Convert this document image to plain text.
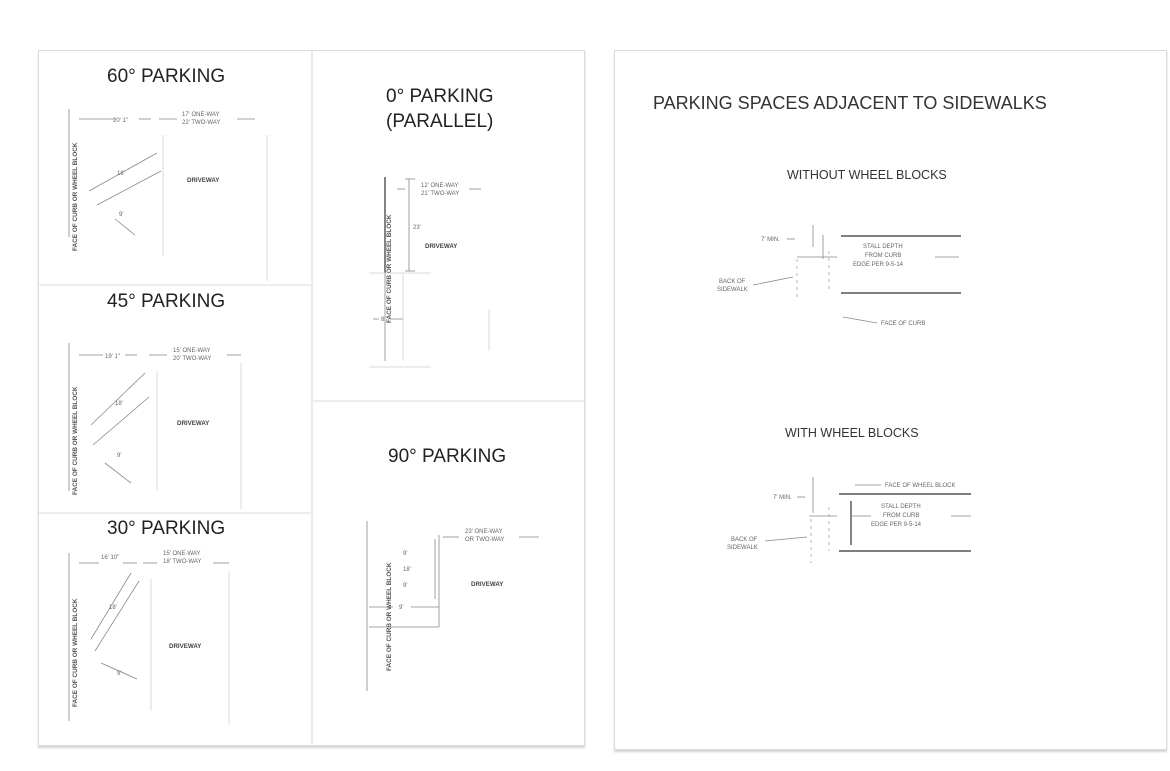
60° PARKING
FACE OF CURB OR WHEEL BLOCK
20' 1"
17' ONE-WAY
22' TWO-WAY
18'
9'
DRIVEWAY
45° PARKING
FACE OF CURB OR WHEEL BLOCK
19' 1"
15' ONE-WAY
20' TWO-WAY
18'
9'
DRIVEWAY
30° PARKING
FACE OF CURB OR WHEEL BLOCK
16' 10"
15' ONE-WAY
18' TWO-WAY
18'
9'
DRIVEWAY
0° PARKING
(PARALLEL)
FACE OF CURB OR WHEEL BLOCK	23'
12' ONE-WAY
21' TWO-WAY
DRIVEWAY
8'
90° PARKING
FACE OF CURB OR WHEEL BLOCK
9'
18'
9'
9'
23' ONE-WAY
OR TWO-WAY
DRIVEWAY
PARKING SPACES ADJACENT TO SIDEWALKS
WITHOUT WHEEL BLOCKS
7' MIN.
STALL DEPTH
FROM CURB
EDGE PER 9-5-14
BACK OF
SIDEWALK
FACE OF CURB
WITH WHEEL BLOCKS
7' MIN.
FACE OF WHEEL BLOCK
STALL DEPTH
FROM CURB
EDGE PER 9-5-14
BACK OF
SIDEWALK
